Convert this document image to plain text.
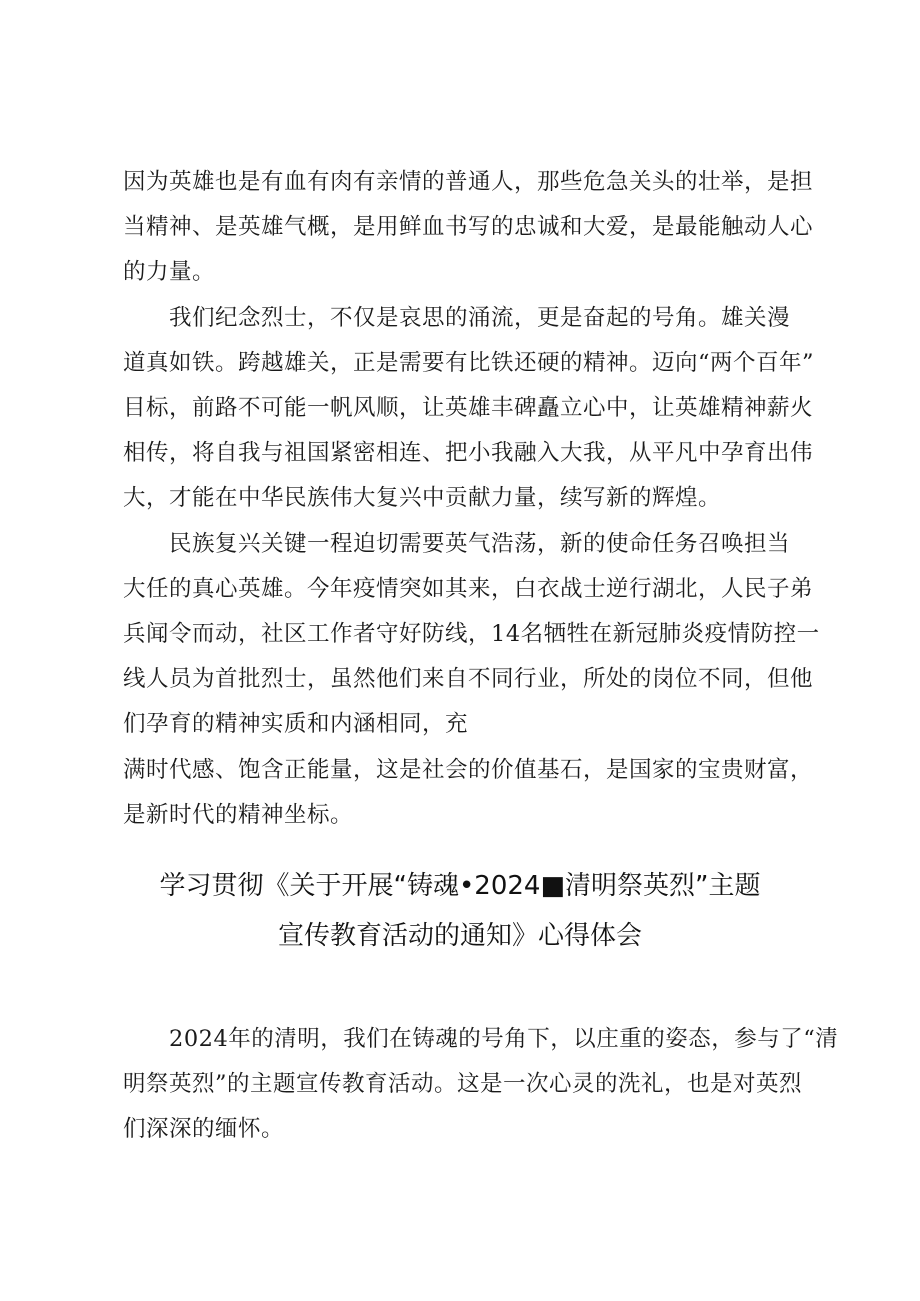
因为英雄也是有血有肉有亲情的普通人，那些危急关头的壮举，是担
当精神、是英雄气概，是用鲜血书写的忠诚和大爱，是最能触动人心
的力量。
　　我们纪念烈士，不仅是哀思的涌流，更是奋起的号角。雄关漫
道真如铁。跨越雄关，正是需要有比铁还硬的精神。迈向“两个百年”
目标，前路不可能一帆风顺，让英雄丰碑矗立心中，让英雄精神薪火
相传，将自我与祖国紧密相连、把小我融入大我，从平凡中孕育出伟
大，才能在中华民族伟大复兴中贡献力量，续写新的辉煌。
　　民族复兴关键一程迫切需要英气浩荡，新的使命任务召唤担当
大任的真心英雄。今年疫情突如其来，白衣战士逆行湖北，人民子弟
兵闻令而动，社区工作者守好防线，14名牺牲在新冠肺炎疫情防控一
线人员为首批烈士，虽然他们来自不同行业，所处的岗位不同，但他
们孕育的精神实质和内涵相同，充
满时代感、饱含正能量，这是社会的价值基石，是国家的宝贵财富，
是新时代的精神坐标。
学习贯彻《关于开展“铸魂•2024■清明祭英烈”主题
宣传教育活动的通知》心得体会
　　2024年的清明，我们在铸魂的号角下，以庄重的姿态，参与了“清
明祭英烈”的主题宣传教育活动。这是一次心灵的洗礼，也是对英烈
们深深的缅怀。
